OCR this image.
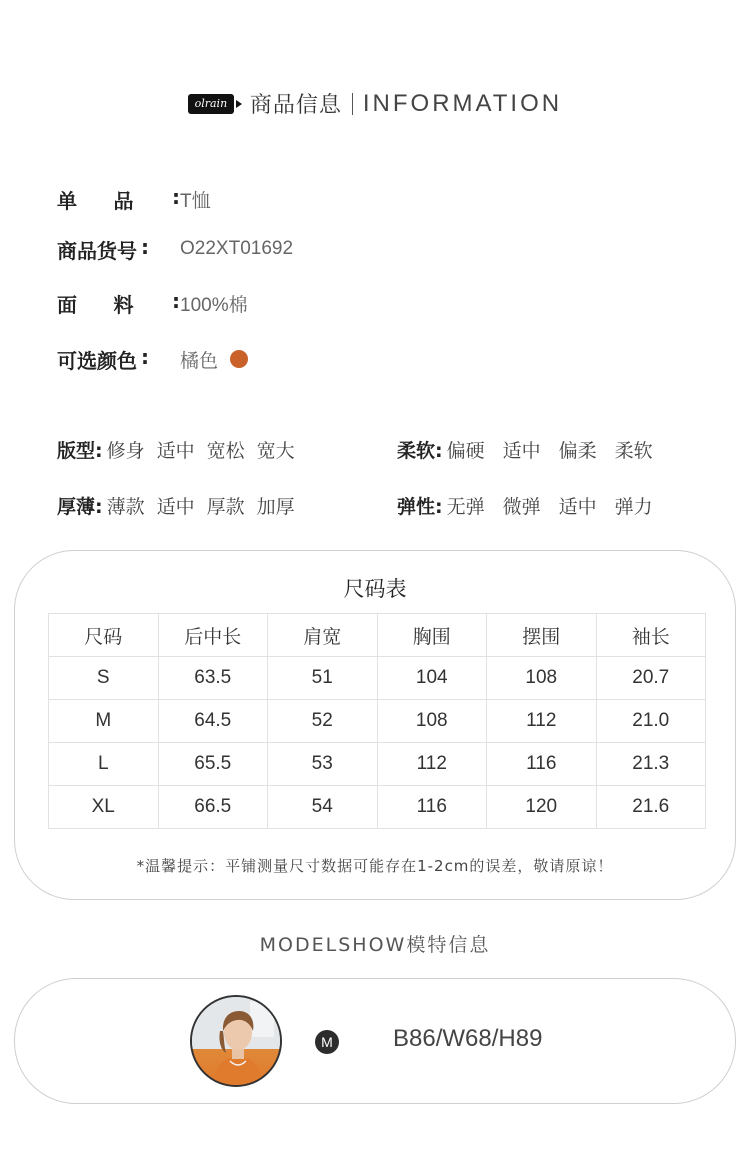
olrain	商品信息 INFORMATION
单 品 : T恤
商 品 货 号 : O22XT01692
面 料 : 100%棉
可 选 颜 色 : 橘色
版型: 修身 适中 宽松 宽大	柔软: 偏硬 适中 偏柔 柔软
厚薄: 薄款 适中 厚款 加厚	弹性: 无弹 微弹 适中 弹力
尺码表
尺码	后中长	肩宽	胸围	摆围	袖长
S	63.5	51	104	108	20.7
M	64.5	52	108	112	21.0
L	65.5	53	112	116	21.3
XL	66.5	54	116	120	21.6
*温馨提示：平铺测量尺寸数据可能存在1-2cm的误差，敬请原谅！
MODELSHOW模特信息
M	B86/W68/H89
